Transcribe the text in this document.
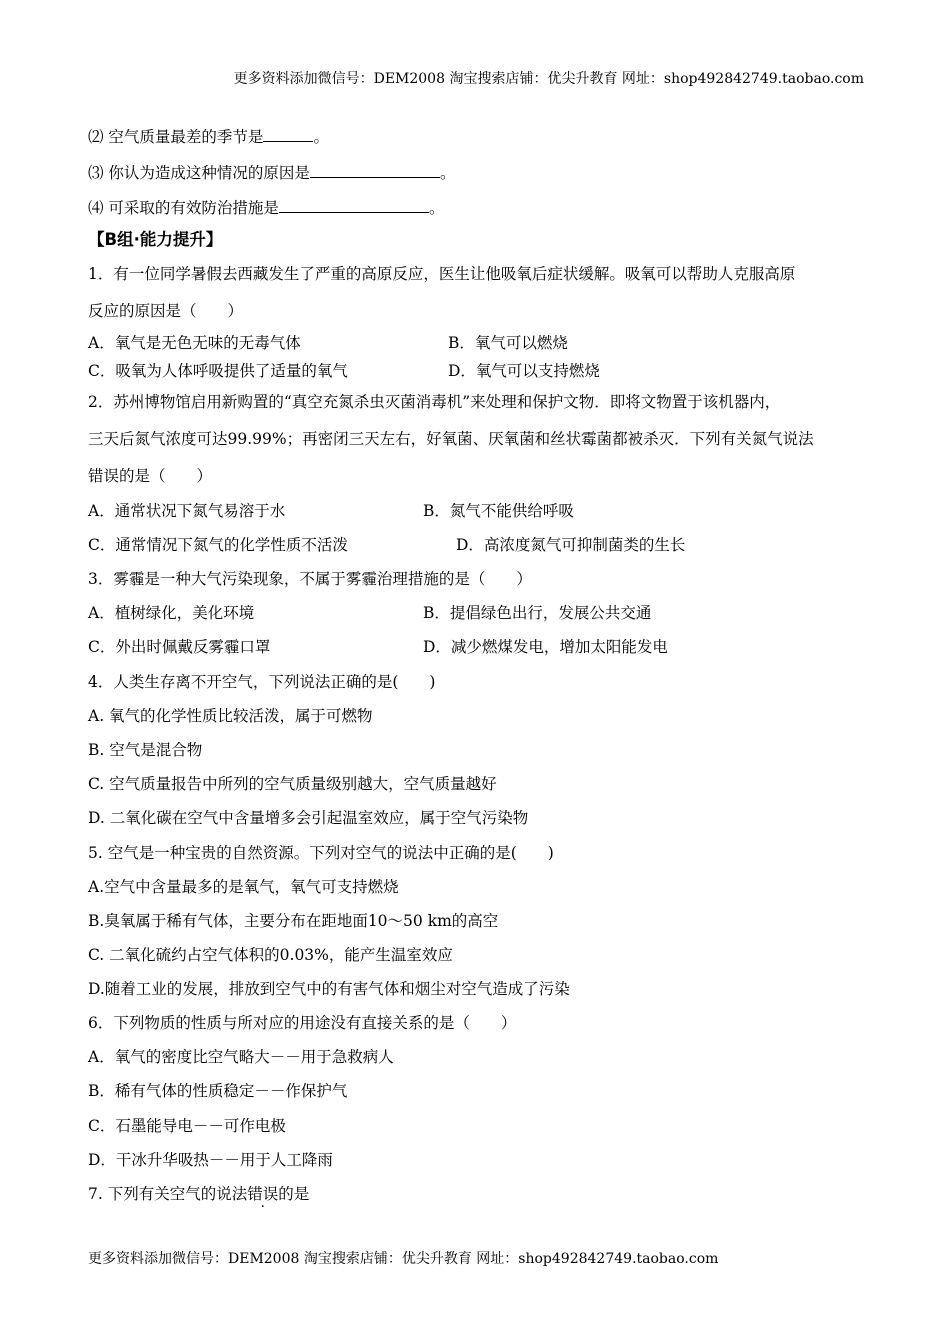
更多资料添加微信号：DEM2008 淘宝搜索店铺：优尖升教育 网址：shop492842749.taobao.com
⑵ 空气质量最差的季节是	。
⑶ 你认为造成这种情况的原因是	。
⑷ 可采取的有效防治措施是	。
【B组·能力提升】
1．有一位同学暑假去西藏发生了严重的高原反应，医生让他吸氧后症状缓解。吸氧可以帮助人克服高原
反应的原因是（　　）
A．氧气是无色无味的无毒气体	B．氧气可以燃烧
C．吸氧为人体呼吸提供了适量的氧气	D．氧气可以支持燃烧
2．苏州博物馆启用新购置的“真空充氮杀虫灭菌消毒机”来处理和保护文物．即将文物置于该机器内，
三天后氮气浓度可达99.99%；再密闭三天左右，好氧菌、厌氧菌和丝状霉菌都被杀灭．下列有关氮气说法
错误的是（　　）
A．通常状况下氮气易溶于水	B．氮气不能供给呼吸
C．通常情况下氮气的化学性质不活泼	D．高浓度氮气可抑制菌类的生长
3．雾霾是一种大气污染现象，不属于雾霾治理措施的是（　　）
A．植树绿化，美化环境	B．提倡绿色出行，发展公共交通
C．外出时佩戴反雾霾口罩	D．减少燃煤发电，增加太阳能发电
4．人类生存离不开空气，下列说法正确的是(　　)
A. 氧气的化学性质比较活泼，属于可燃物
B. 空气是混合物
C. 空气质量报告中所列的空气质量级别越大，空气质量越好
D. 二氧化碳在空气中含量增多会引起温室效应，属于空气污染物
5. 空气是一种宝贵的自然资源。下列对空气的说法中正确的是(　　)
A.空气中含量最多的是氧气，氧气可支持燃烧
B.臭氧属于稀有气体，主要分布在距地面10～50 km的高空
C. 二氧化硫约占空气体积的0.03%，能产生温室效应
D.随着工业的发展，排放到空气中的有害气体和烟尘对空气造成了污染
6．下列物质的性质与所对应的用途没有直接关系的是（　　）
A．氧气的密度比空气略大－－用于急救病人
B．稀有气体的性质稳定－－作保护气
C．石墨能导电－－可作电极
D．干冰升华吸热－－用于人工降雨
7. 下列有关空气的说法错误的是
更多资料添加微信号：DEM2008 淘宝搜索店铺：优尖升教育 网址：shop492842749.taobao.com
